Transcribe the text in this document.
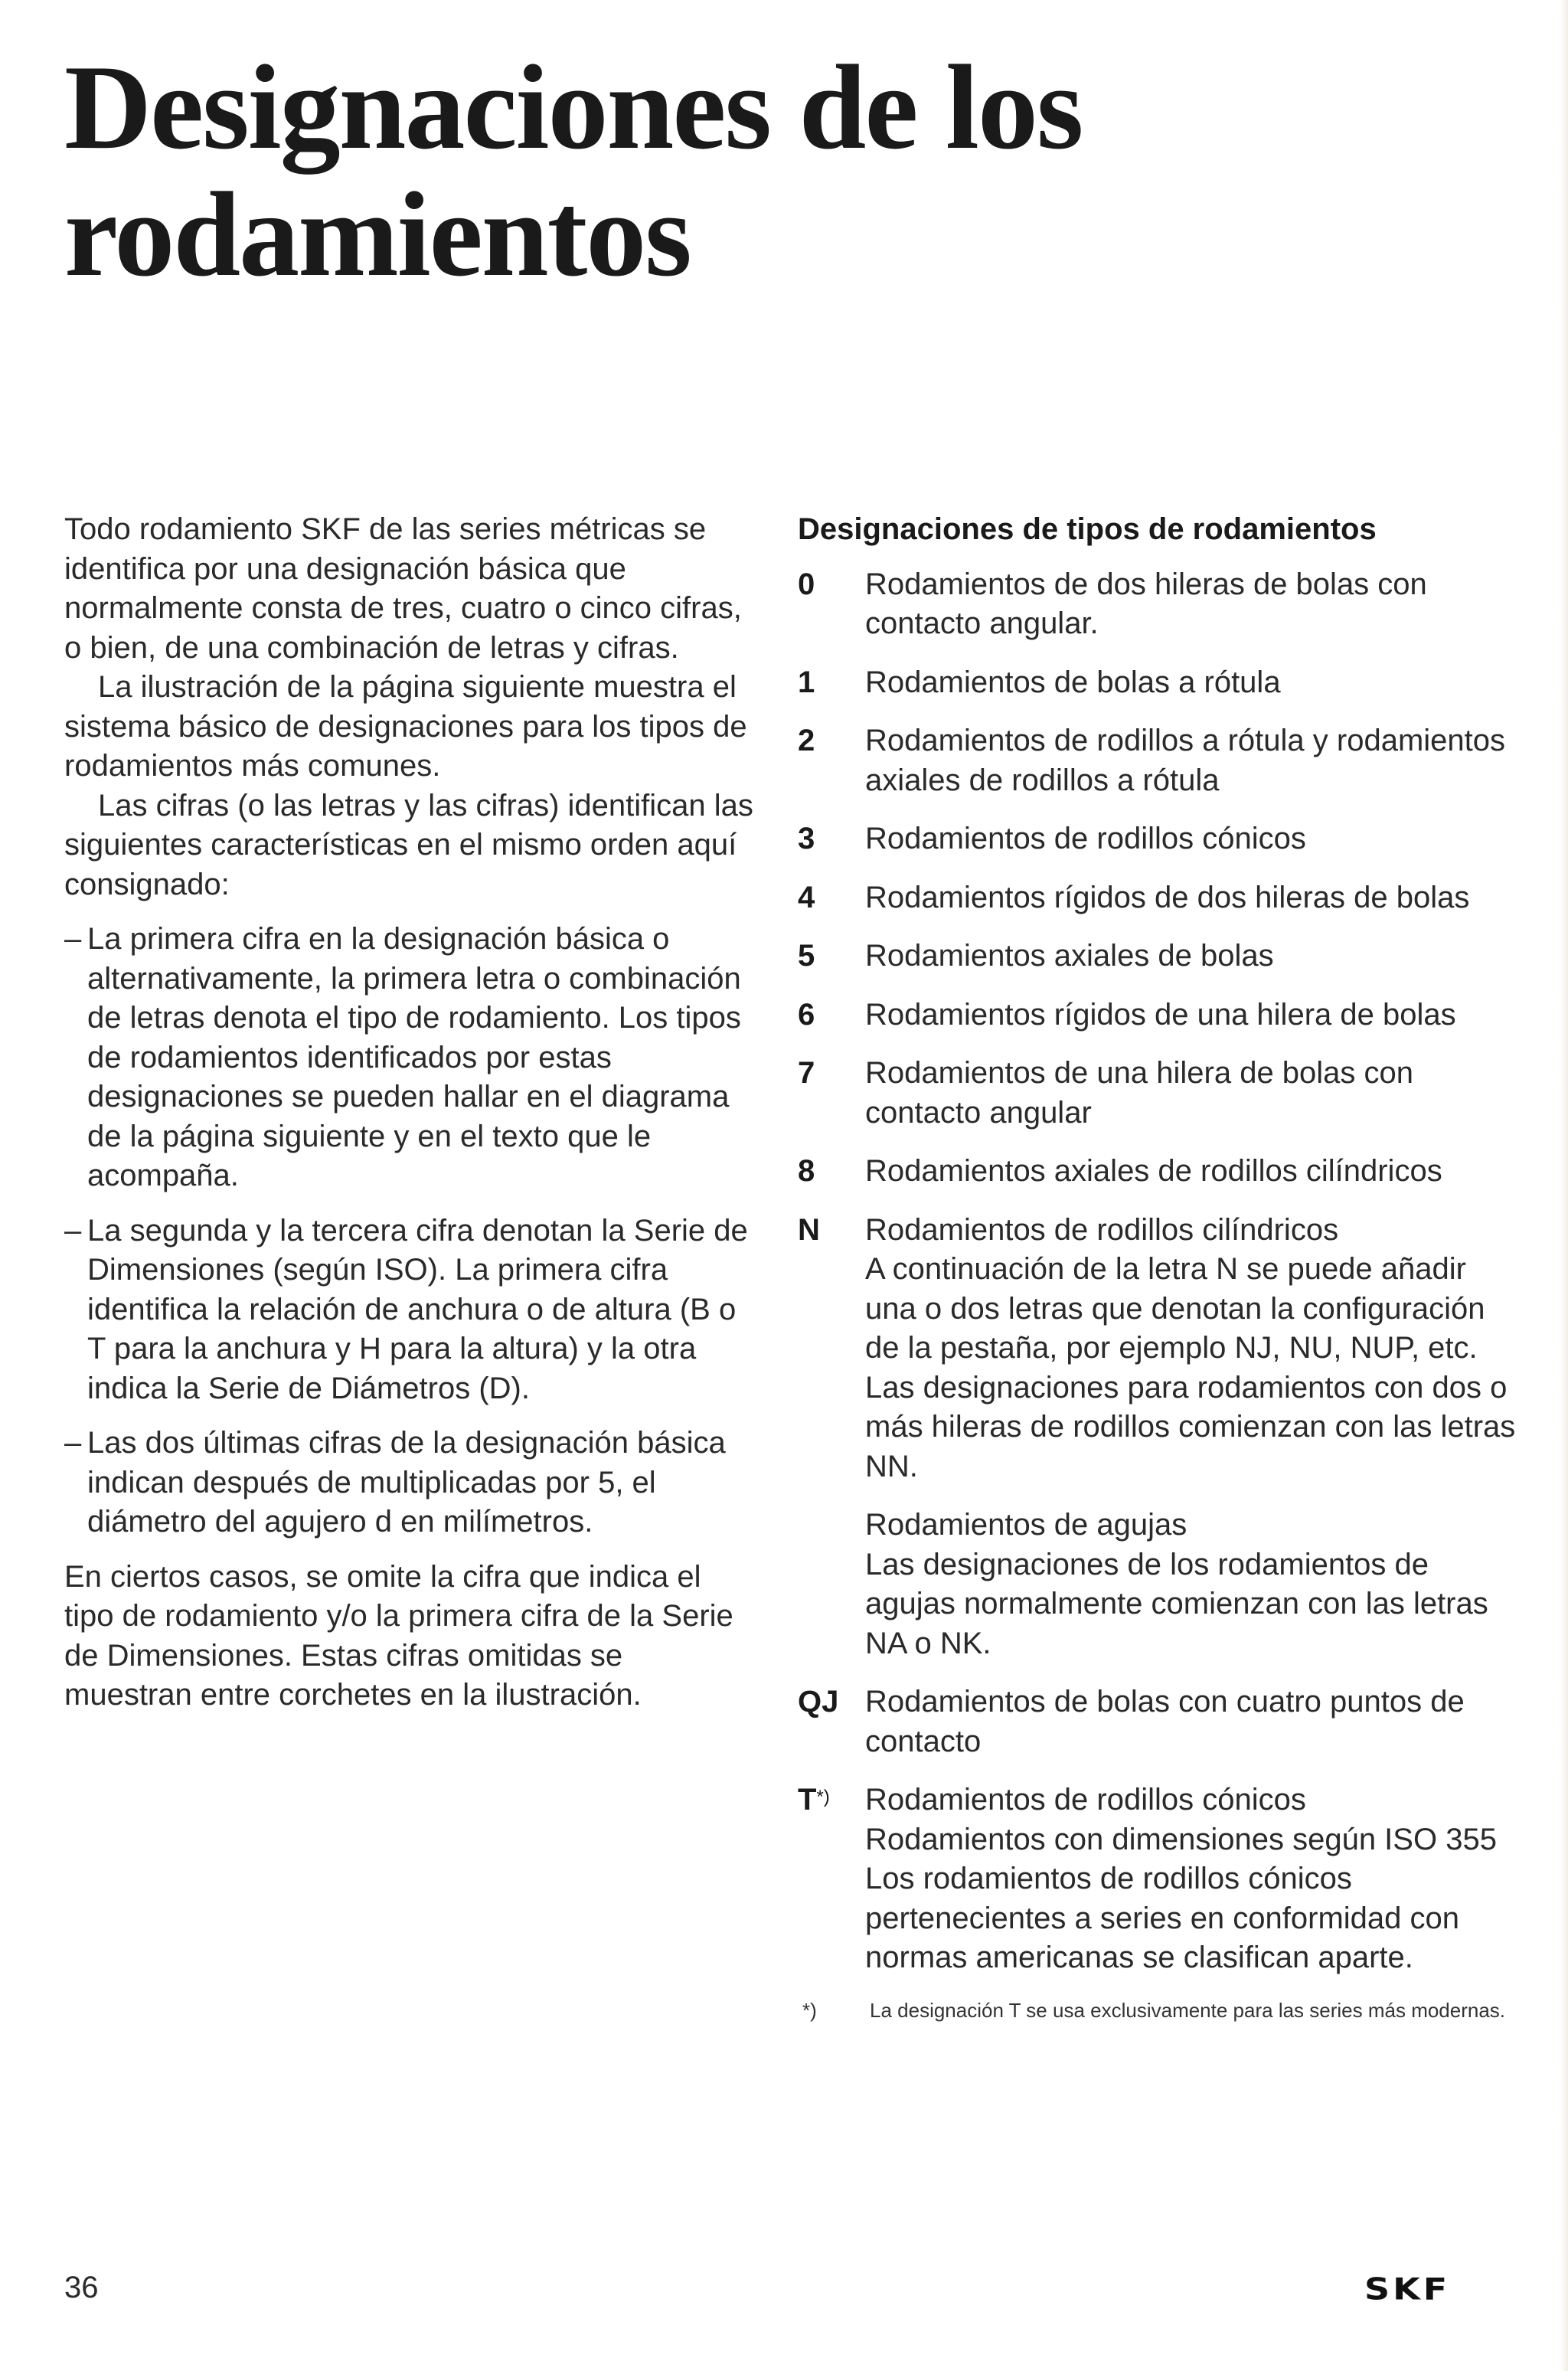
Designaciones de los
rodamientos

Todo rodamiento SKF de las series métricas se identifica por una designación básica que normalmente consta de tres, cuatro o cinco cifras, o bien, de una combinación de letras y cifras.

La ilustración de la página siguiente muestra el sistema básico de designaciones para los tipos de rodamientos más comunes.

Las cifras (o las letras y las cifras) identifican las siguientes características en el mismo orden aquí consignado:

– La primera cifra en la designación básica o alternativamente, la primera letra o combinación de letras denota el tipo de rodamiento. Los tipos de rodamientos identificados por estas designaciones se pueden hallar en el diagrama de la página siguiente y en el texto que le acompaña.
– La segunda y la tercera cifra denotan la Serie de Dimensiones (según ISO). La primera cifra identifica la relación de anchura o de altura (B o T para la anchura y H para la altura) y la otra indica la Serie de Diámetros (D).
– Las dos últimas cifras de la designación básica indican después de multiplicadas por 5, el diámetro del agujero d en milímetros.

En ciertos casos, se omite la cifra que indica el tipo de rodamiento y/o la primera cifra de la Serie de Dimensiones. Estas cifras omitidas se muestran entre corchetes en la ilustración.

Designaciones de tipos de rodamientos
0	Rodamientos de dos hileras de bolas con contacto angular.

1	Rodamientos de bolas a rótula

2	Rodamientos de rodillos a rótula y rodamientos axiales de rodillos a rótula

3	Rodamientos de rodillos cónicos

4	Rodamientos rígidos de dos hileras de bolas

5	Rodamientos axiales de bolas

6	Rodamientos rígidos de una hilera de bolas

7	Rodamientos de una hilera de bolas con contacto angular

8	Rodamientos axiales de rodillos cilíndricos

N	Rodamientos de rodillos cilíndricos

A continuación de la letra N se puede añadir una o dos letras que denotan la configuración de la pestaña, por ejemplo NJ, NU, NUP, etc. Las designaciones para rodamientos con dos o más hileras de rodillos comienzan con las letras NN.

Rodamientos de agujas

Las designaciones de los rodamientos de agujas normalmente comienzan con las letras NA o NK.

QJ Rodamientos de bolas con cuatro puntos de contacto

T*)	Rodamientos de rodillos cónicos

Rodamientos con dimensiones según ISO 355

Los rodamientos de rodillos cónicos pertenecientes a series en conformidad con normas americanas se clasifican aparte.

*)	La designación T se usa exclusivamente para las series más modernas.
36	SKF
